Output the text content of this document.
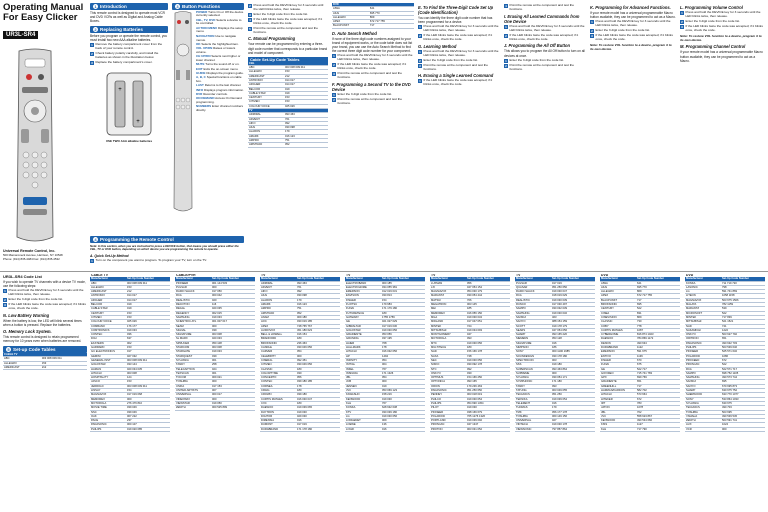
Operating Manual
For Easy Clicker
UR3L-SR4
Universal Remote Control, Inc.
500 Mamaroneck Avenue, Harrison, NY 10528
Phone: (914) 835-4484 Fax: (914) 835-4532
1 Introduction
This remote control is designed to operate most VCR and DVD VCRs as well as Digital and Analog Cable Boxes.
2 Replacing Batteries
Before you program or operate the remote control, you must install two new AAA alkaline batteries.
1 Remove the battery compartment cover from the back of your remote control.
2 Check battery polarity carefully, and install the batteries as shown in the illustration below.
3 Replace the battery compartment's cover.
+
+
USE TWO AAA alkaline batteries
3 Button Functions
POWER Turns On or Off the device currently selected.
CBL, TV, DVD Selects a device to be controlled.
ACTION MENU Displays the setup menu.
NAVIGATION Use to navigate menus.
OK Selects the highlighted item.
VOL UP/DN Raises or lowers volume.
CH UP/DN Selects next higher or lower channel.
MUTE Turns the sound off or on.
EXIT Exits the on-screen menu.
GUIDE Displays the program guide.
A, B, C Special functions on cable box.
LAST Returns to the last channel.
INFO Displays program information.
DVR Recorder controls.
ON DEMAND Access On Demand programming.
NUMBERS Enter channel numbers directly.
4 Programming the Remote Control
Note: In this section, when you are instructed to press a DEVICE button, that means you should press either the CBL, TV or DVD button, depending on which device you are programming the remote to operate.
A. Quick Set-Up Method
1 Turn on the component you want to program. To program your TV, turn on the TV.
2 Press and hold the DEVICE key for 3 seconds until the LED blinks twice, then release.
3 Enter the 3 digit code from the code list.
4 If the LED blinks twice the code was accepted; if it blinks once, check the code.
5 Point the remote at the component and test the functions.
C. Manual Programming
Your remote can be programmed by entering a three-digit code number that corresponds to a particular brand and model of component.
Cable Set-Up Code Tables
CBL	
ABC	003 008 009 011
ALLEGRO	153
AMERICAST	212
ANTRONIX	014 017
ARCHER	014 017
BELCOR	019
CABLE STAR	019
CENTURY	153
CITIZEN	153
COLOUR VOICE	025 026
TV	
ADMIRAL	093 463
ADVENT	761
AIKO	092
AKAI	030 098
ALARON	179
AMARK	016 123
AMPRO	751
AMSTRAD	052
DVD	
AIWA	641
AKAI	695 770
ALLEGRO	869
APEX	672 717 755
BLAUPUNKT	717
D. Auto Search Method
If none of the three digit code numbers assigned to your brand of equipment works, or the code table does not list your brand, you can use the Auto Search Method to find the correct three digit code number for your component.
1 Press and hold the DEVICE key for 3 seconds until the LED blinks twice, then release.
2 If the LED blinks twice the code was accepted; if it blinks once, check the code.
3 Point the remote at the component and test the functions.
F. Programming a Second TV to the DVD Device
1 Enter the 3 digit code from the code list.
2 Point the remote at the component and test the functions.
E. To Find the Three-Digit Code Set Up (Code Identification)
You can identify the three digit code number that has been programmed for a device.
1 Press and hold the DEVICE key for 3 seconds until the LED blinks twice, then release.
2 If the LED blinks twice the code was accepted; if it blinks once, check the code.
G. Learning Method
1 Press and hold the DEVICE key for 3 seconds until the LED blinks twice, then release.
2 Enter the 3 digit code from the code list.
3 Point the remote at the component and test the functions.
H. Erasing a Single Learned Command
1 If the LED blinks twice the code was accepted; if it blinks once, check the code.
4 Point the remote at the component and test the functions.
I. Erasing All Learned Commands from One Device
1 Press and hold the DEVICE key for 3 seconds until the LED blinks twice, then release.
2 If the LED blinks twice the code was accepted; if it blinks once, check the code.
J. Programming the All Off Button
This allows you to program the All Off button to turn on all devices at once.
1 Enter the 3 digit code from the code list.
2 Point the remote at the component and test the functions.
K. Programming for Advanced Functions.
If your remote model has a universal programmable Macro button available, they can be programmed to act as a Macro.
1 Press and hold the DEVICE key for 3 seconds until the LED blinks twice, then release.
2 Enter the 3 digit code from the code list.
3 If the LED blinks twice the code was accepted; if it blinks once, check the code.
Note: To restore VOL function to a device, program it to its own device.
L. Programming Volume Control
1 Press and hold the DEVICE key for 3 seconds until the LED blinks twice, then release.
2 Enter the 3 digit code from the code list.
3 If the LED blinks twice the code was accepted; if it blinks once, check the code.
Note: To restore VOL function to a device, program it to its own device.
M. Programming Channel Control
If your remote model has a universal programmable Macro button available, they can be programmed to act as a Macro.
UR3L-SR4 Code List
If you wish to operate TV channels with a device TV mode, use the following steps:
1 Press and hold the DEVICE key for 3 seconds until the LED blinks twice, then release.
2 Enter the 3 digit code from the code list.
3 If the LED blinks twice the code was accepted; if it blinks once, check the code.
N. Low Battery Warning
When the battery is low, the LED will blink several times when a button is pressed. Replace the batteries.
O. Memory Lock System.
This remote control is designed to retain programmed memory for 10 years even when batteries are removed.
5 Set-up Code Tables
CABLE TV	
ABC	003 008 009 011
ALLEGRO	153
AMERICAST	212
CABLE TV	
Manufacturer	Set-Up Code Number
ABC	003 008 009 011
ALLEGRO	153
AMERICAST	212
ANTRONIX	014 017
ARCHER	014 017
BELCOR	019
CABLE STAR	019
CENTURY	153
CITIZEN	153
COLOUR VOICE	025 026
COMBANO	176 177
COMTRONICS	019 033
CONTEC	036
DIGI	637
EASTERN	002
GARRARD	153
GC ELECTRONICS	017
GEMINI	027 032
GENERAL INST	003 008 009 011
GOLDSTAR	033 144
HAMLIN	020 034 035
HITACHI	003 008
HOSPITALITY	124
JASCO	153
JERROLD	003 008 009 011
LINSAY	154
MAGNAVOX	017 019 068
MEMOREX	000
MOTOROLA	276 476 810
MOVIE TIME	039 046
NSC	039 046
OAK	007 222
PACE	237
PANASONIC	000 107
PHILIPS	019 020 085
CABLE/PVR	
Manufacturer	Set-Up Code Number
PIONEER	001 144 533
PULSAR	000
RADIO SHACK	017 050
RCA	000 042
REALISTIC	020
RECOTON	116
REGAL	020 035
REGENCY	002 015
SAMSUNG	019 033
SCIENTIFIC ATL	001 007 017
SEAM	000
SIGNAL	039
SIGNATURE	003 008
SL MARX	020 033
SPRUCER	050 108
STARCOM	003 008
STARGATE	019 033
STARQUEST	039
SYLVANIA	001
TANDY	258
TELECAPTION	024
TEXSCAN	001
TOCOM	009 021
TOSHIBA	000
UNIKA	017 153
UNITED ARTISTS	007
UNIVERSAL	000 017
VIDEOWAY	000
VIEWSTAR	019 050
ZENITH	000 525 899
TV	
Manufacturer	Set-Up Code Number
ADMIRAL	093 463
ADVENT	761
AIKO	092
AKAI	030 098
ALARON	179
AMARK	016 123
AMPRO	751
AMSTRAD	052
ANAM	009 180
AOC	030 019 185
APEX	748 765 767
AUDIOVOX	451 180 623
BELL & HOWELL	016 154
BRADFORD	180
BROKSONIC	236 463
CANDLE	030 046 056
CARVER	054
CELEBRITY	000
CINERAL	092 451
CITIZEN	030 046 056
CLASSIC	180
COLORTYME	030
CONCERTO	056
CONTEC	039 180 185
CORNEA	178
CRAIG	180
CROWN	039 180
CURTIS MATHES	016 030 047
CXC	180
DAEWOO	019 039 065
DAYTRON	019 030
DIGITOR	029 030
DIMENSIA	016
DUMONT	017 019
DURABRAND	171 178 180
TV	
Manufacturer	Set-Up Code Number
ELECTROBAND	000 185
ELECTROHOME	034 055 381
EMERSON	012 019 031
ENVISION	030 813
FISHER	154
FUJITSU	179 683
FUNAI	171 179 180
FUTURETECH	180
GATEWAY	1755 1756
GE	021 027 029
GIBRALTAR	017 019 030
GOLDSTAR	019 030 056
GRADIENTE	053 056
GRUNDIG	037 195
HAIER	768
HALLMARK	178
HITACHI	016 032 056
HP	1494
INFINITY	054
INITIAL	004
INKEL	767
INSIGNIA	171 1326
JBL	054
JCB	000
JENSEN	019
JVC	053 069 123
KAWASHO	158 216
KENWOOD	019 030
KLH	767
KONKA	628 632 638
KTV	030 039 180
LG	019 030 056
LODGENET	009
LOEWE	136
LOGIK	016
TV	
Manufacturer	Set-Up Code Number
LUXMAN	056
LXI	047 054 154
MAGNAVOX	054 030 179
MARANTZ	030 054 444
MATSUI	706
MEGATRON	003 145
MEI	185
MEMOREX	016 056 150
MGA	019 030 034
MIDLAND	017 047 051
MINTEK	724
MITSUBISHI	019 034 093
MONTGOMERY	047
MOTOROLA	093
MTC	019 030 056
MULTITECH	180
NAD	156 166 178
NAXA	748
NEC	019 030 056
NIKKO	030 092 178
NTC	092
ONKYO	030
OPTIMUS	154 166 250
OPTONICA	093 165
ORION	179 236 463
PANASONIC	051 250 650
PENNEY	003 018 019
PHILCO	019 030 054
PHILIPS	054 690 1454
PILOT	019 030
PIONEER	038 166 679
POLAROID	765 1276 1326
PORTLAND	019 039 092
PROSCAN	047 1347
PROTON	003 031 052
TV	
Manufacturer	Set-Up Code Number
PULSAR	017 019
QUASAR	051 250 650
RADIO SHACK	019 030 047
RCA	018 019 029
REALISTIC	019 030 039
RUNCO	017 030 497
SAMPO	030 032 039
SAMSUNG	019 030 032
SANSUI	463
SANYO	088 154 159
SCOTT	019 178 179
SEARS	047 054 056
SHARP	093 165 220
SIEMENS	053 128
SIGNATURE	016
SIMPSON	186
SONY	000 1100 1685
SOUNDESIGN	030 178 180
SPECTRICON	003
SSS	019 180
SUPERSCAN	093 463 864
SUPREME	000
SYLVANIA	030 054 171
SYMPHONIC	171 180
TANDY	093
TATUNG	003 049 055
TECHNICS	051 250
TEKNIKA	019 039 054
TELERENT	016
THOMAS	179
TMK	056 177 178
TOSHIBA	060 149 156
UNIVERSAL	027
VIDTECH	019 030 178
VIEWSONIC	797 857 864
DVD	
Manufacturer	Set-Up Code Number
AIWA	641
AKAI	695 770
ALLEGRO	869
APEX	672 717 755
BLAUPUNKT	717
BROKSONIC	695
CENTURY	522
CINEA	831
CINEVISION	869
CLASSIC	730
COBY	778
CURTIS MATHES	1087
CYBERHOME	816 874 1023
DAEWOO	784 869 1172
DENON	490 634
DURABRAND	1122
EMERSON	591 675
ENTIVO	1136
FISHER	670
FUNAI	675
GE	522 717
GOVIDEO	715 741 783
GPX	699 769
GRADIENTE	651
GREENHILL	717
HARMAN/KARDON	582 702
HITACHI	573 664
HITEKER	672
IRT	783
JATON	1078
JBL	702
JVC	558 623 867
KENWOOD	490 534 682
KISS	1127
KLH	717 790
DVD	
Manufacturer	Set-Up Code Number
KONKA	711 719 720
LASONIC	798
LG	591 741 869
LITEON	1058 1158
MAGNAVOX	503 675 1506
MALATA	782 1159
MARANTZ	539
MICROSOFT	522
MINTEK	717 839
MITSUBISHI	521 1521
NAD	741
NAKAMICHI	1222
ONKYO	503 627 792
ORITRON	651
PANASONIC	490 632 703
PHILIPS	503 539 646
PIONEER	525 571 632
POLAROID	1086
PROCEED	672
PROSCAN	522
RCA	522 571 717
SAMPO	698 752 1105
SAMSUNG	490 573 744
SANSUI	695
SANYO	670 695 873
SHARP	630 675 752
SHERWOOD	633 770 1077
SONY	533 864 1033
SYLVANIA	630 675
TECHNICS	490 703
TOSHIBA	503 695
YAMAHA	490 539 545
ZENITH	503 591 741
AUX	1024
VCR	000
